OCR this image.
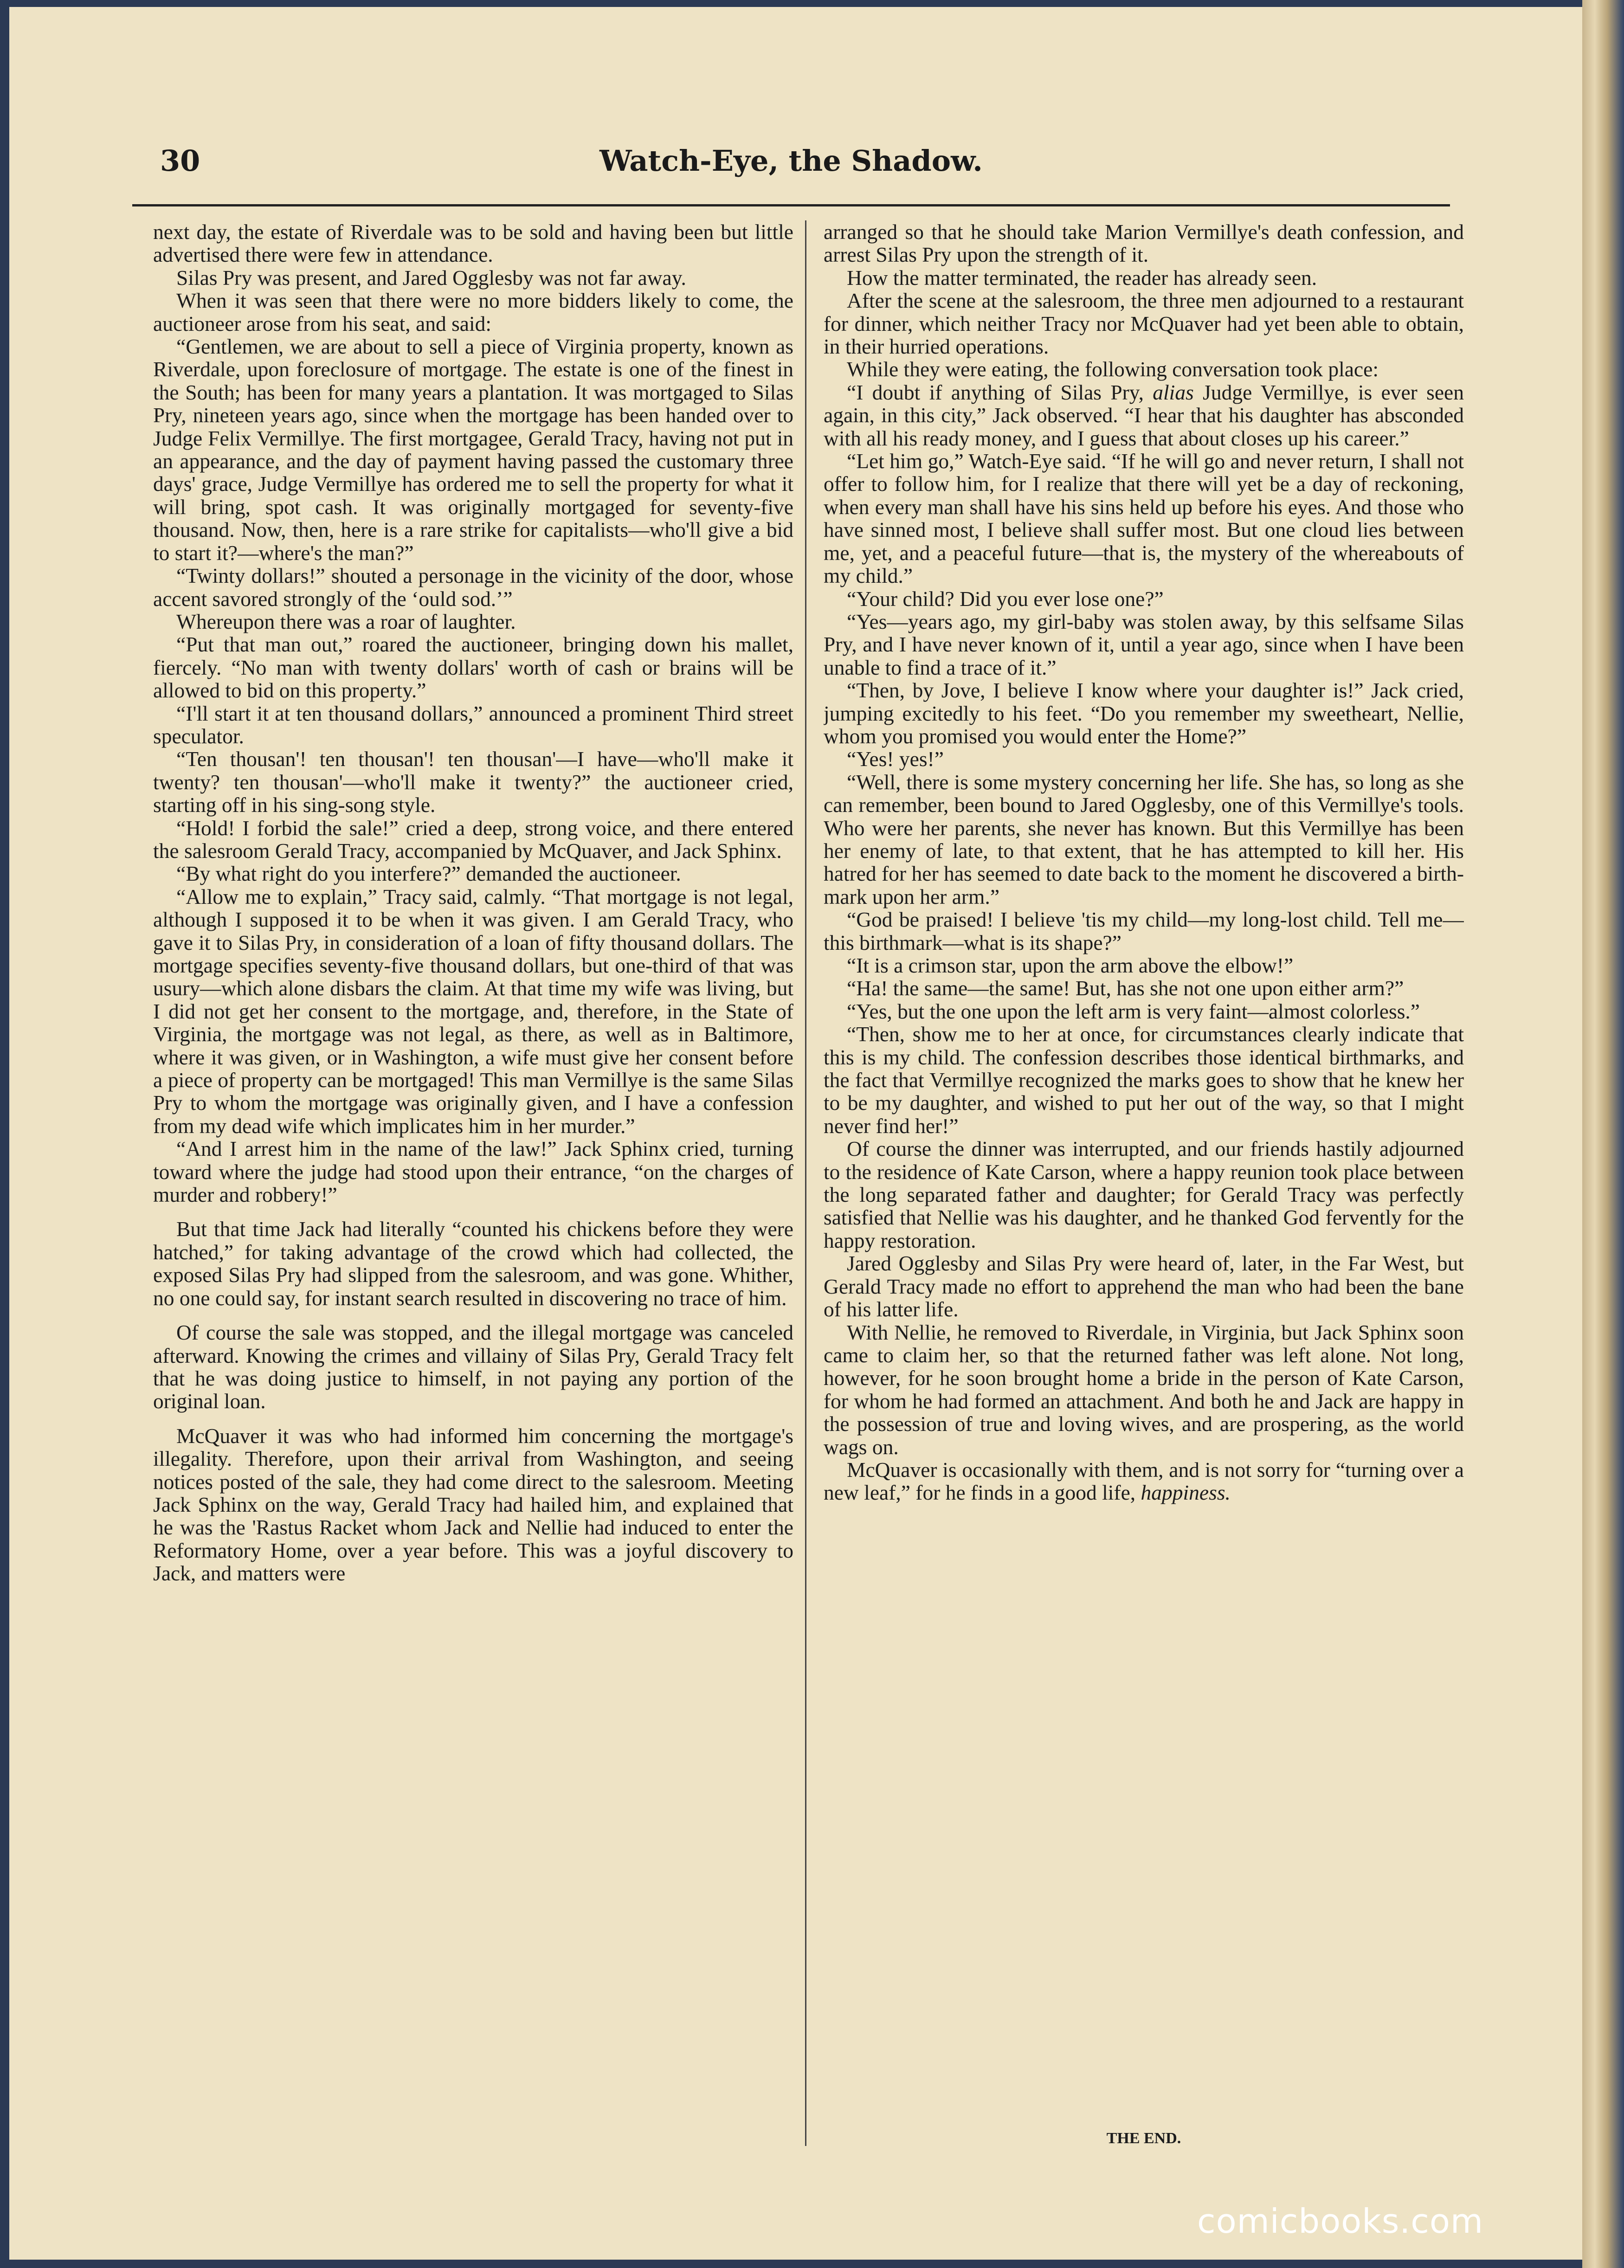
30	Watch-Eye, the Shadow.

next day, the estate of Riverdale was to be sold and having been but little advertised there were few in attendance.

Silas Pry was present, and Jared Ogglesby was not far away.

When it was seen that there were no more bidders likely to come, the auctioneer arose from his seat, and said:

“Gentlemen, we are about to sell a piece of Virginia property, known as Riverdale, upon foreclosure of mortgage. The estate is one of the finest in the South; has been for many years a plantation. It was mortgaged to Silas Pry, nineteen years ago, since when the mortgage has been handed over to Judge Felix Vermillye. The first mortgagee, Gerald Tracy, having not put in an appearance, and the day of payment having passed the customary three days' grace, Judge Vermillye has ordered me to sell the property for what it will bring, spot cash. It was originally mortgaged for seventy-five thousand. Now, then, here is a rare strike for capitalists—who'll give a bid to start it?—where's the man?”

“Twinty dollars!” shouted a personage in the vicinity of the door, whose accent savored strongly of the ‘ould sod.’”

Whereupon there was a roar of laughter.

“Put that man out,” roared the auctioneer, bringing down his mallet, fiercely. “No man with twenty dollars' worth of cash or brains will be allowed to bid on this property.”

“I'll start it at ten thousand dollars,” announced a prominent Third street speculator.

“Ten thousan'! ten thousan'! ten thousan'—I have—who'll make it twenty? ten thousan'—who'll make it twenty?” the auctioneer cried, starting off in his sing-song style.

“Hold! I forbid the sale!” cried a deep, strong voice, and there entered the salesroom Gerald Tracy, accompanied by McQuaver, and Jack Sphinx.

“By what right do you interfere?” demanded the auctioneer.

“Allow me to explain,” Tracy said, calmly. “That mortgage is not legal, although I supposed it to be when it was given. I am Gerald Tracy, who gave it to Silas Pry, in consideration of a loan of fifty thousand dollars. The mortgage specifies seventy-five thousand dollars, but one-third of that was usury—which alone disbars the claim. At that time my wife was living, but I did not get her consent to the mortgage, and, therefore, in the State of Virginia, the mortgage was not legal, as there, as well as in Baltimore, where it was given, or in Washington, a wife must give her consent before a piece of property can be mortgaged! This man Vermillye is the same Silas Pry to whom the mortgage was originally given, and I have a confession from my dead wife which implicates him in her murder.”

“And I arrest him in the name of the law!” Jack Sphinx cried, turning toward where the judge had stood upon their entrance, “on the charges of murder and robbery!”

But that time Jack had literally “counted his chickens before they were hatched,” for taking advantage of the crowd which had collected, the exposed Silas Pry had slipped from the salesroom, and was gone. Whither, no one could say, for instant search resulted in discovering no trace of him.

Of course the sale was stopped, and the illegal mortgage was canceled afterward. Knowing the crimes and villainy of Silas Pry, Gerald Tracy felt that he was doing justice to himself, in not paying any portion of the original loan.

McQuaver it was who had informed him concerning the mortgage's illegality. Therefore, upon their arrival from Washington, and seeing notices posted of the sale, they had come direct to the salesroom. Meeting Jack Sphinx on the way, Gerald Tracy had hailed him, and explained that he was the 'Rastus Racket whom Jack and Nellie had induced to enter the Reformatory Home, over a year before. This was a joyful discovery to Jack, and matters were

arranged so that he should take Marion Vermillye's death confession, and arrest Silas Pry upon the strength of it.

How the matter terminated, the reader has already seen.

After the scene at the salesroom, the three men adjourned to a restaurant for dinner, which neither Tracy nor McQuaver had yet been able to obtain, in their hurried operations.

While they were eating, the following conversation took place:

“I doubt if anything of Silas Pry, alias Judge Vermillye, is ever seen again, in this city,” Jack observed. “I hear that his daughter has absconded with all his ready money, and I guess that about closes up his career.”

“Let him go,” Watch-Eye said. “If he will go and never return, I shall not offer to follow him, for I realize that there will yet be a day of reckoning, when every man shall have his sins held up before his eyes. And those who have sinned most, I believe shall suffer most. But one cloud lies between me, yet, and a peaceful future—that is, the mystery of the whereabouts of my child.”

“Your child? Did you ever lose one?”

“Yes—years ago, my girl-baby was stolen away, by this selfsame Silas Pry, and I have never known of it, until a year ago, since when I have been unable to find a trace of it.”

“Then, by Jove, I believe I know where your daughter is!” Jack cried, jumping excitedly to his feet. “Do you remember my sweetheart, Nellie, whom you promised you would enter the Home?”

“Yes! yes!”

“Well, there is some mystery concerning her life. She has, so long as she can remember, been bound to Jared Ogglesby, one of this Vermillye's tools. Who were her parents, she never has known. But this Vermillye has been her enemy of late, to that extent, that he has attempted to kill her. His hatred for her has seemed to date back to the moment he discovered a birth-mark upon her arm.”

“God be praised! I believe 'tis my child—my long-lost child. Tell me—this birthmark—what is its shape?”

“It is a crimson star, upon the arm above the elbow!”

“Ha! the same—the same! But, has she not one upon either arm?”

“Yes, but the one upon the left arm is very faint—almost colorless.”

“Then, show me to her at once, for circumstances clearly indicate that this is my child. The confession describes those identical birthmarks, and the fact that Vermillye recognized the marks goes to show that he knew her to be my daughter, and wished to put her out of the way, so that I might never find her!”

Of course the dinner was interrupted, and our friends hastily adjourned to the residence of Kate Carson, where a happy reunion took place between the long separated father and daughter; for Gerald Tracy was perfectly satisfied that Nellie was his daughter, and he thanked God fervently for the happy restoration.

Jared Ogglesby and Silas Pry were heard of, later, in the Far West, but Gerald Tracy made no effort to apprehend the man who had been the bane of his latter life.

With Nellie, he removed to Riverdale, in Virginia, but Jack Sphinx soon came to claim her, so that the returned father was left alone. Not long, however, for he soon brought home a bride in the person of Kate Carson, for whom he had formed an attachment. And both he and Jack are happy in the possession of true and loving wives, and are prospering, as the world wags on.

McQuaver is occasionally with them, and is not sorry for “turning over a new leaf,” for he finds in a good life, happiness.

THE END.
comicbooks.com
